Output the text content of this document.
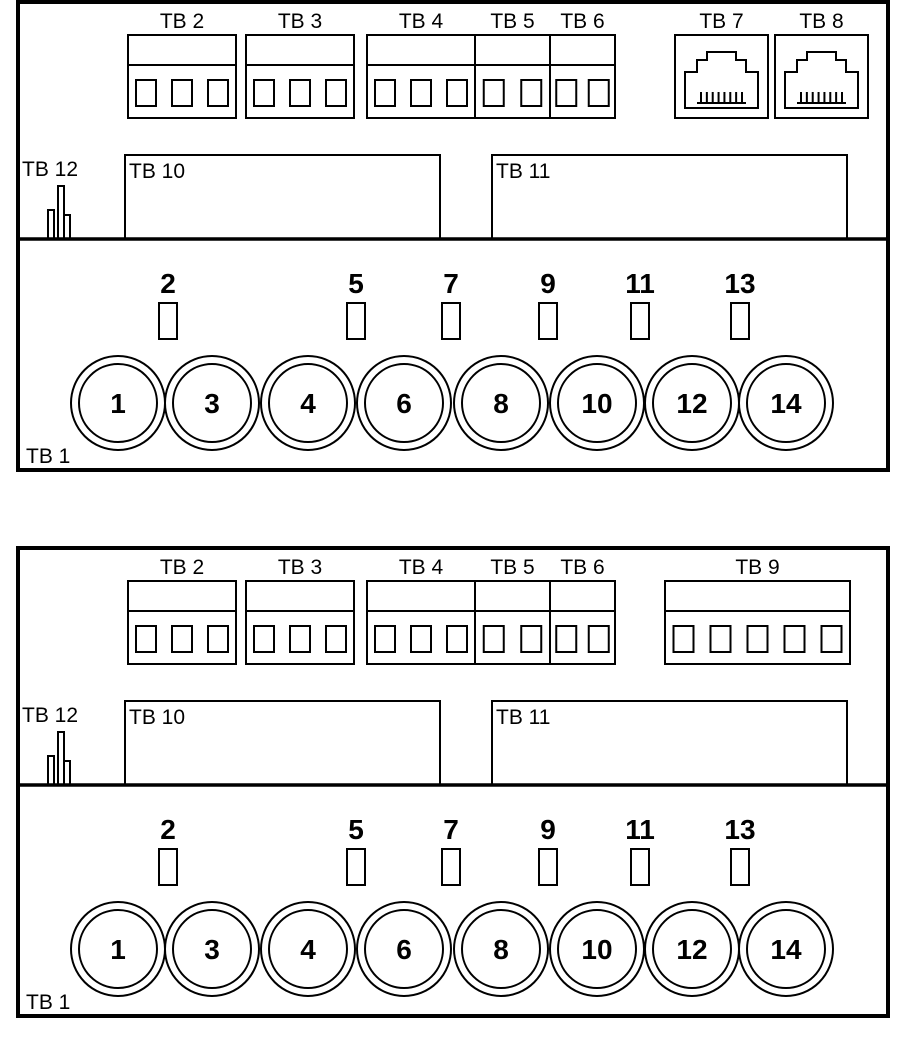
TB 2	TB 3	TB 4 TB 5 TB 6	TB 7	TB 8
TB 10	TB 11
TB 12
2	5	7	9 11 13
1	3	4	6	8	10 12 14
TB 1
TB 2	TB 3	TB 4 TB 5 TB 6	TB 9
TB 10	TB 11
TB 12
2	5	7	9 11 13
1	3	4	6	8	10 12 14
TB 1
